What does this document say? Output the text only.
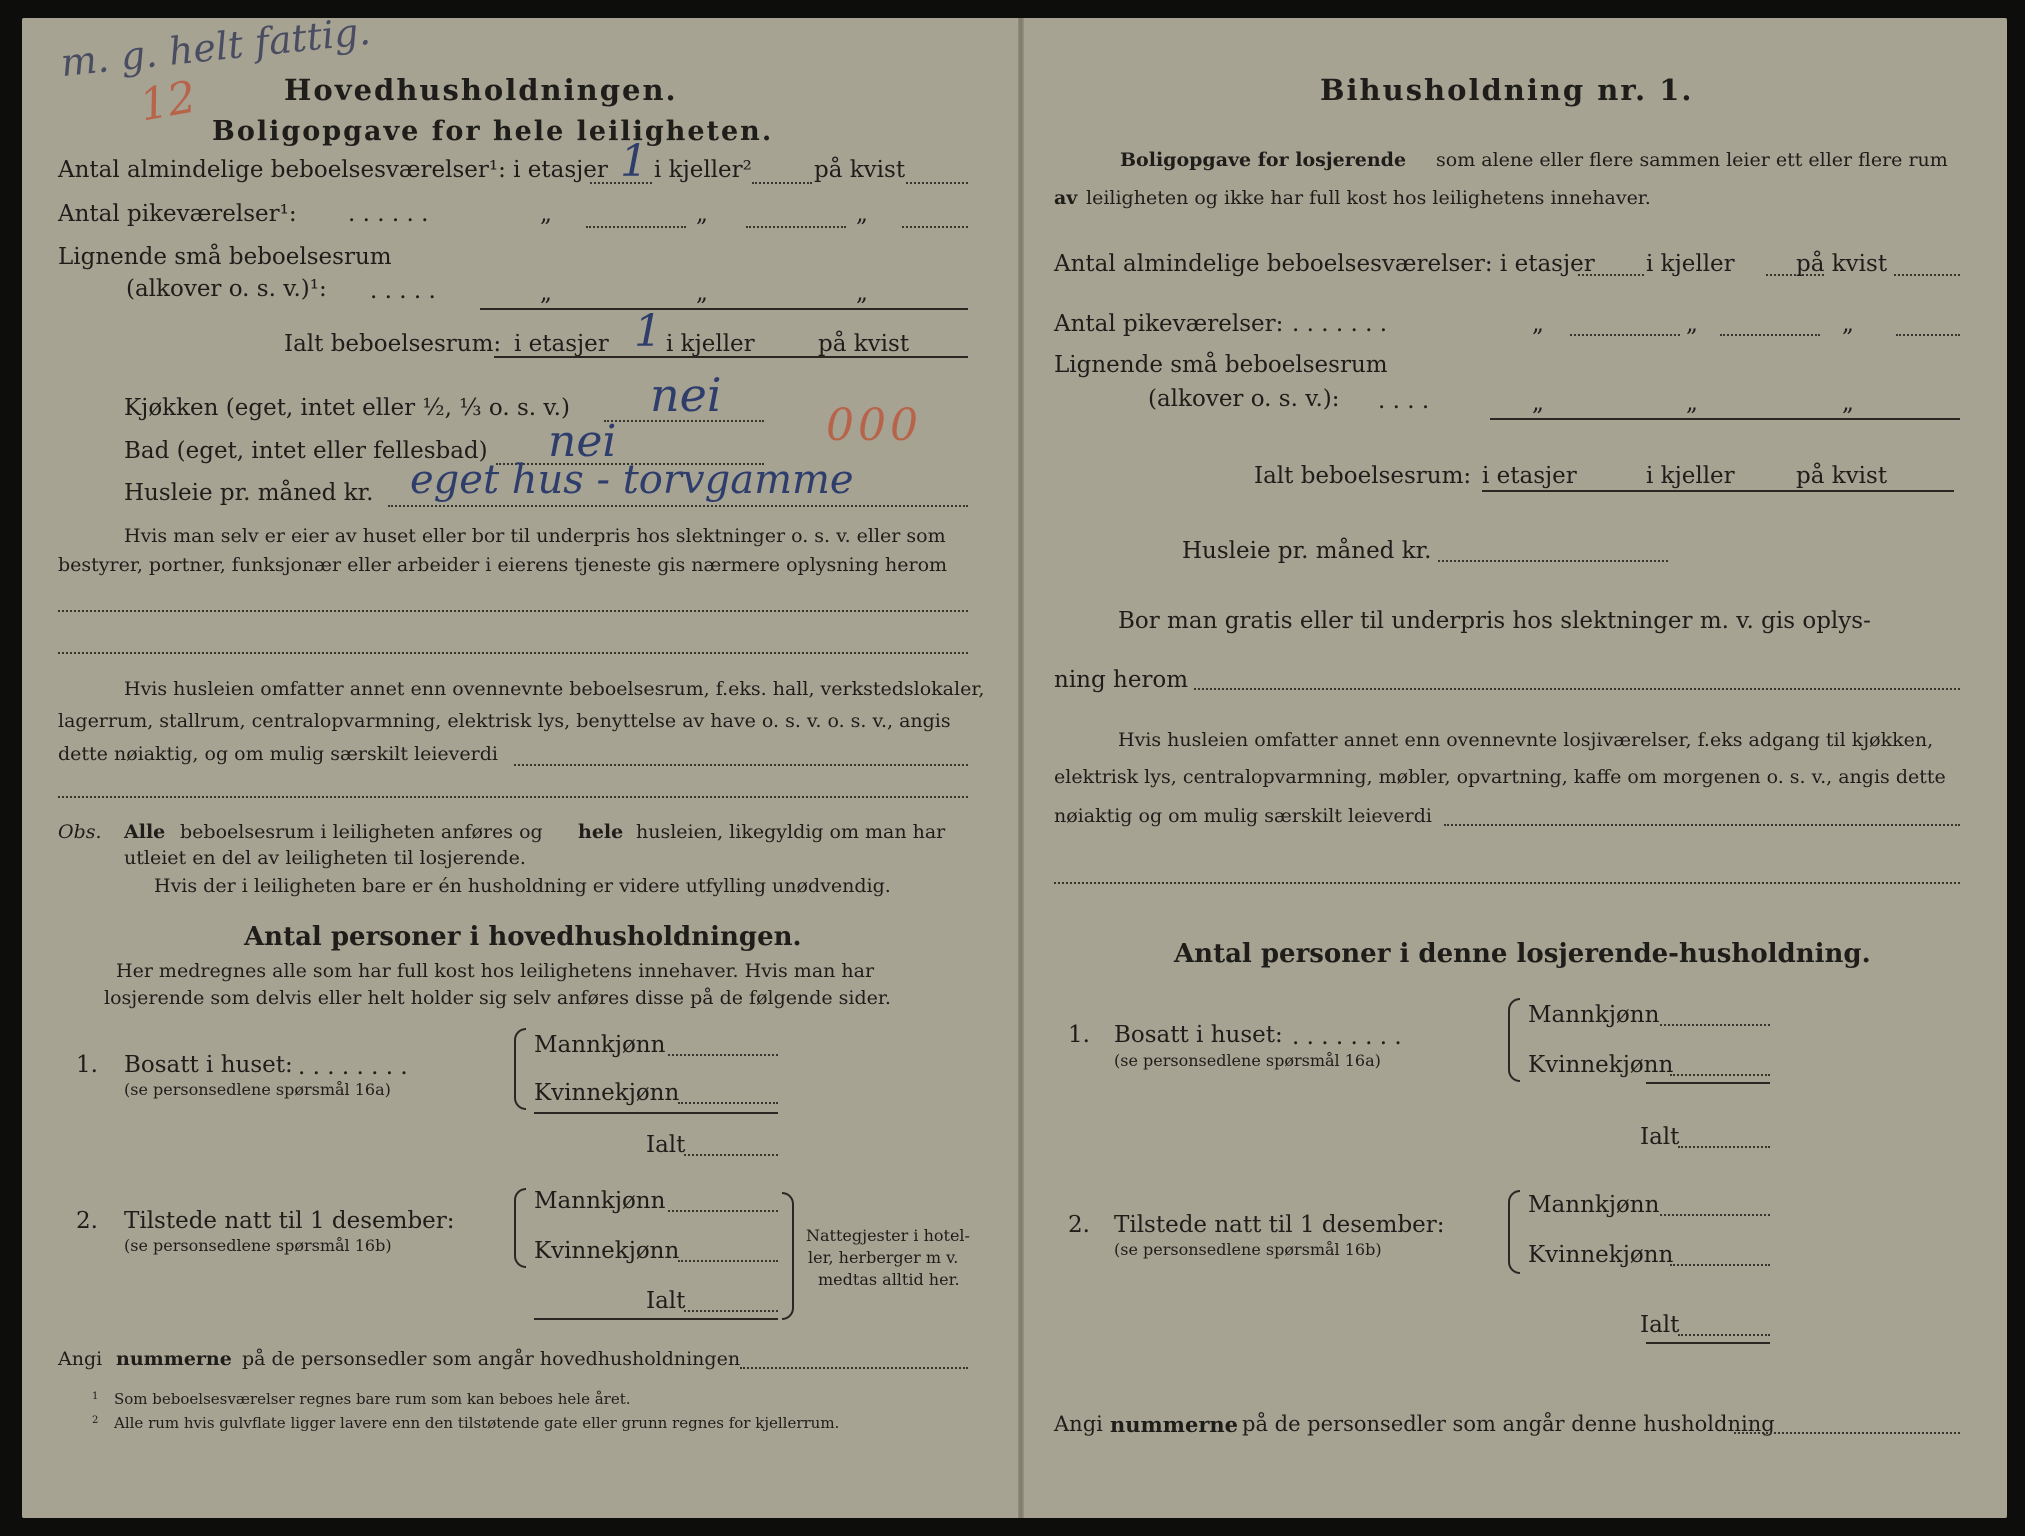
m. g. helt fattig.
12	Hovedhusholdningen.
Boligopgave for hele leiligheten.
Antal almindelige beboelsesværelser¹: i etasjer 1 i kjeller²	på kvist
Antal pikeværelser¹: . . . . . .	„	„	„
Lignende små beboelsesrum
(alkover o. s. v.)¹: . . . . .	„	„	„
Ialt beboelsesrum: i etasjer 1 i kjeller	på kvist
Kjøkken (eget, intet eller ½, ⅓ o. s. v.) nei
000
Bad (eget, intet eller fellesbad) nei
Husleie pr. måned kr. eget hus - torvgamme
Hvis man selv er eier av huset eller bor til underpris hos slektninger o. s. v. eller som
bestyrer, portner, funksjonær eller arbeider i eierens tjeneste gis nærmere oplysning herom
Hvis husleien omfatter annet enn ovennevnte beboelsesrum, f.eks. hall, verkstedslokaler,
lagerrum, stallrum, centralopvarmning, elektrisk lys, benyttelse av have o. s. v. o. s. v., angis
dette nøiaktig, og om mulig særskilt leieverdi
Obs. Alle beboelsesrum i leiligheten anføres og hele husleien, likegyldig om man har
utleiet en del av leiligheten til losjerende.
Hvis der i leiligheten bare er én husholdning er videre utfylling unødvendig.
Antal personer i hovedhusholdningen.
Her medregnes alle som har full kost hos leilighetens innehaver. Hvis man har
losjerende som delvis eller helt holder sig selv anføres disse på de følgende sider.
1. Bosatt i huset: . . . . . . . .
(se personsedlene spørsmål 16a)
Mannkjønn
Kvinnekjønn
Ialt
2. Tilstede natt til 1 desember:
(se personsedlene spørsmål 16b)
Mannkjønn
Kvinnekjønn
Ialt
Nattegjester i hotel-
ler, herberger m v.
medtas alltid her.
Angi nummerne på de personsedler som angår hovedhusholdningen
1 Som beboelsesværelser regnes bare rum som kan beboes hele året.
2 Alle rum hvis gulvflate ligger lavere enn den tilstøtende gate eller grunn regnes for kjellerrum.
Bihusholdning nr. 1.
Boligopgave for losjerende som alene eller flere sammen leier ett eller flere rum
av leiligheten og ikke har full kost hos leilighetens innehaver.
Antal almindelige beboelsesværelser: i etasjer i kjeller	på kvist
Antal pikeværelser: . . . . . . .	„	„	„
Lignende små beboelsesrum
(alkover o. s. v.): . . . .	„	„	„
Ialt beboelsesrum: i etasjer	i kjeller	på kvist
Husleie pr. måned kr.
Bor man gratis eller til underpris hos slektninger m. v. gis oplys-
ning herom
Hvis husleien omfatter annet enn ovennevnte losjiværelser, f.eks adgang til kjøkken,
elektrisk lys, centralopvarmning, møbler, opvartning, kaffe om morgenen o. s. v., angis dette
nøiaktig og om mulig særskilt leieverdi
Antal personer i denne losjerende-husholdning.
1. Bosatt i huset: . . . . . . . .
(se personsedlene spørsmål 16a)
Mannkjønn
Kvinnekjønn
Ialt
2. Tilstede natt til 1 desember:
(se personsedlene spørsmål 16b)
Mannkjønn
Kvinnekjønn
Ialt
Angi nummerne på de personsedler som angår denne husholdning
